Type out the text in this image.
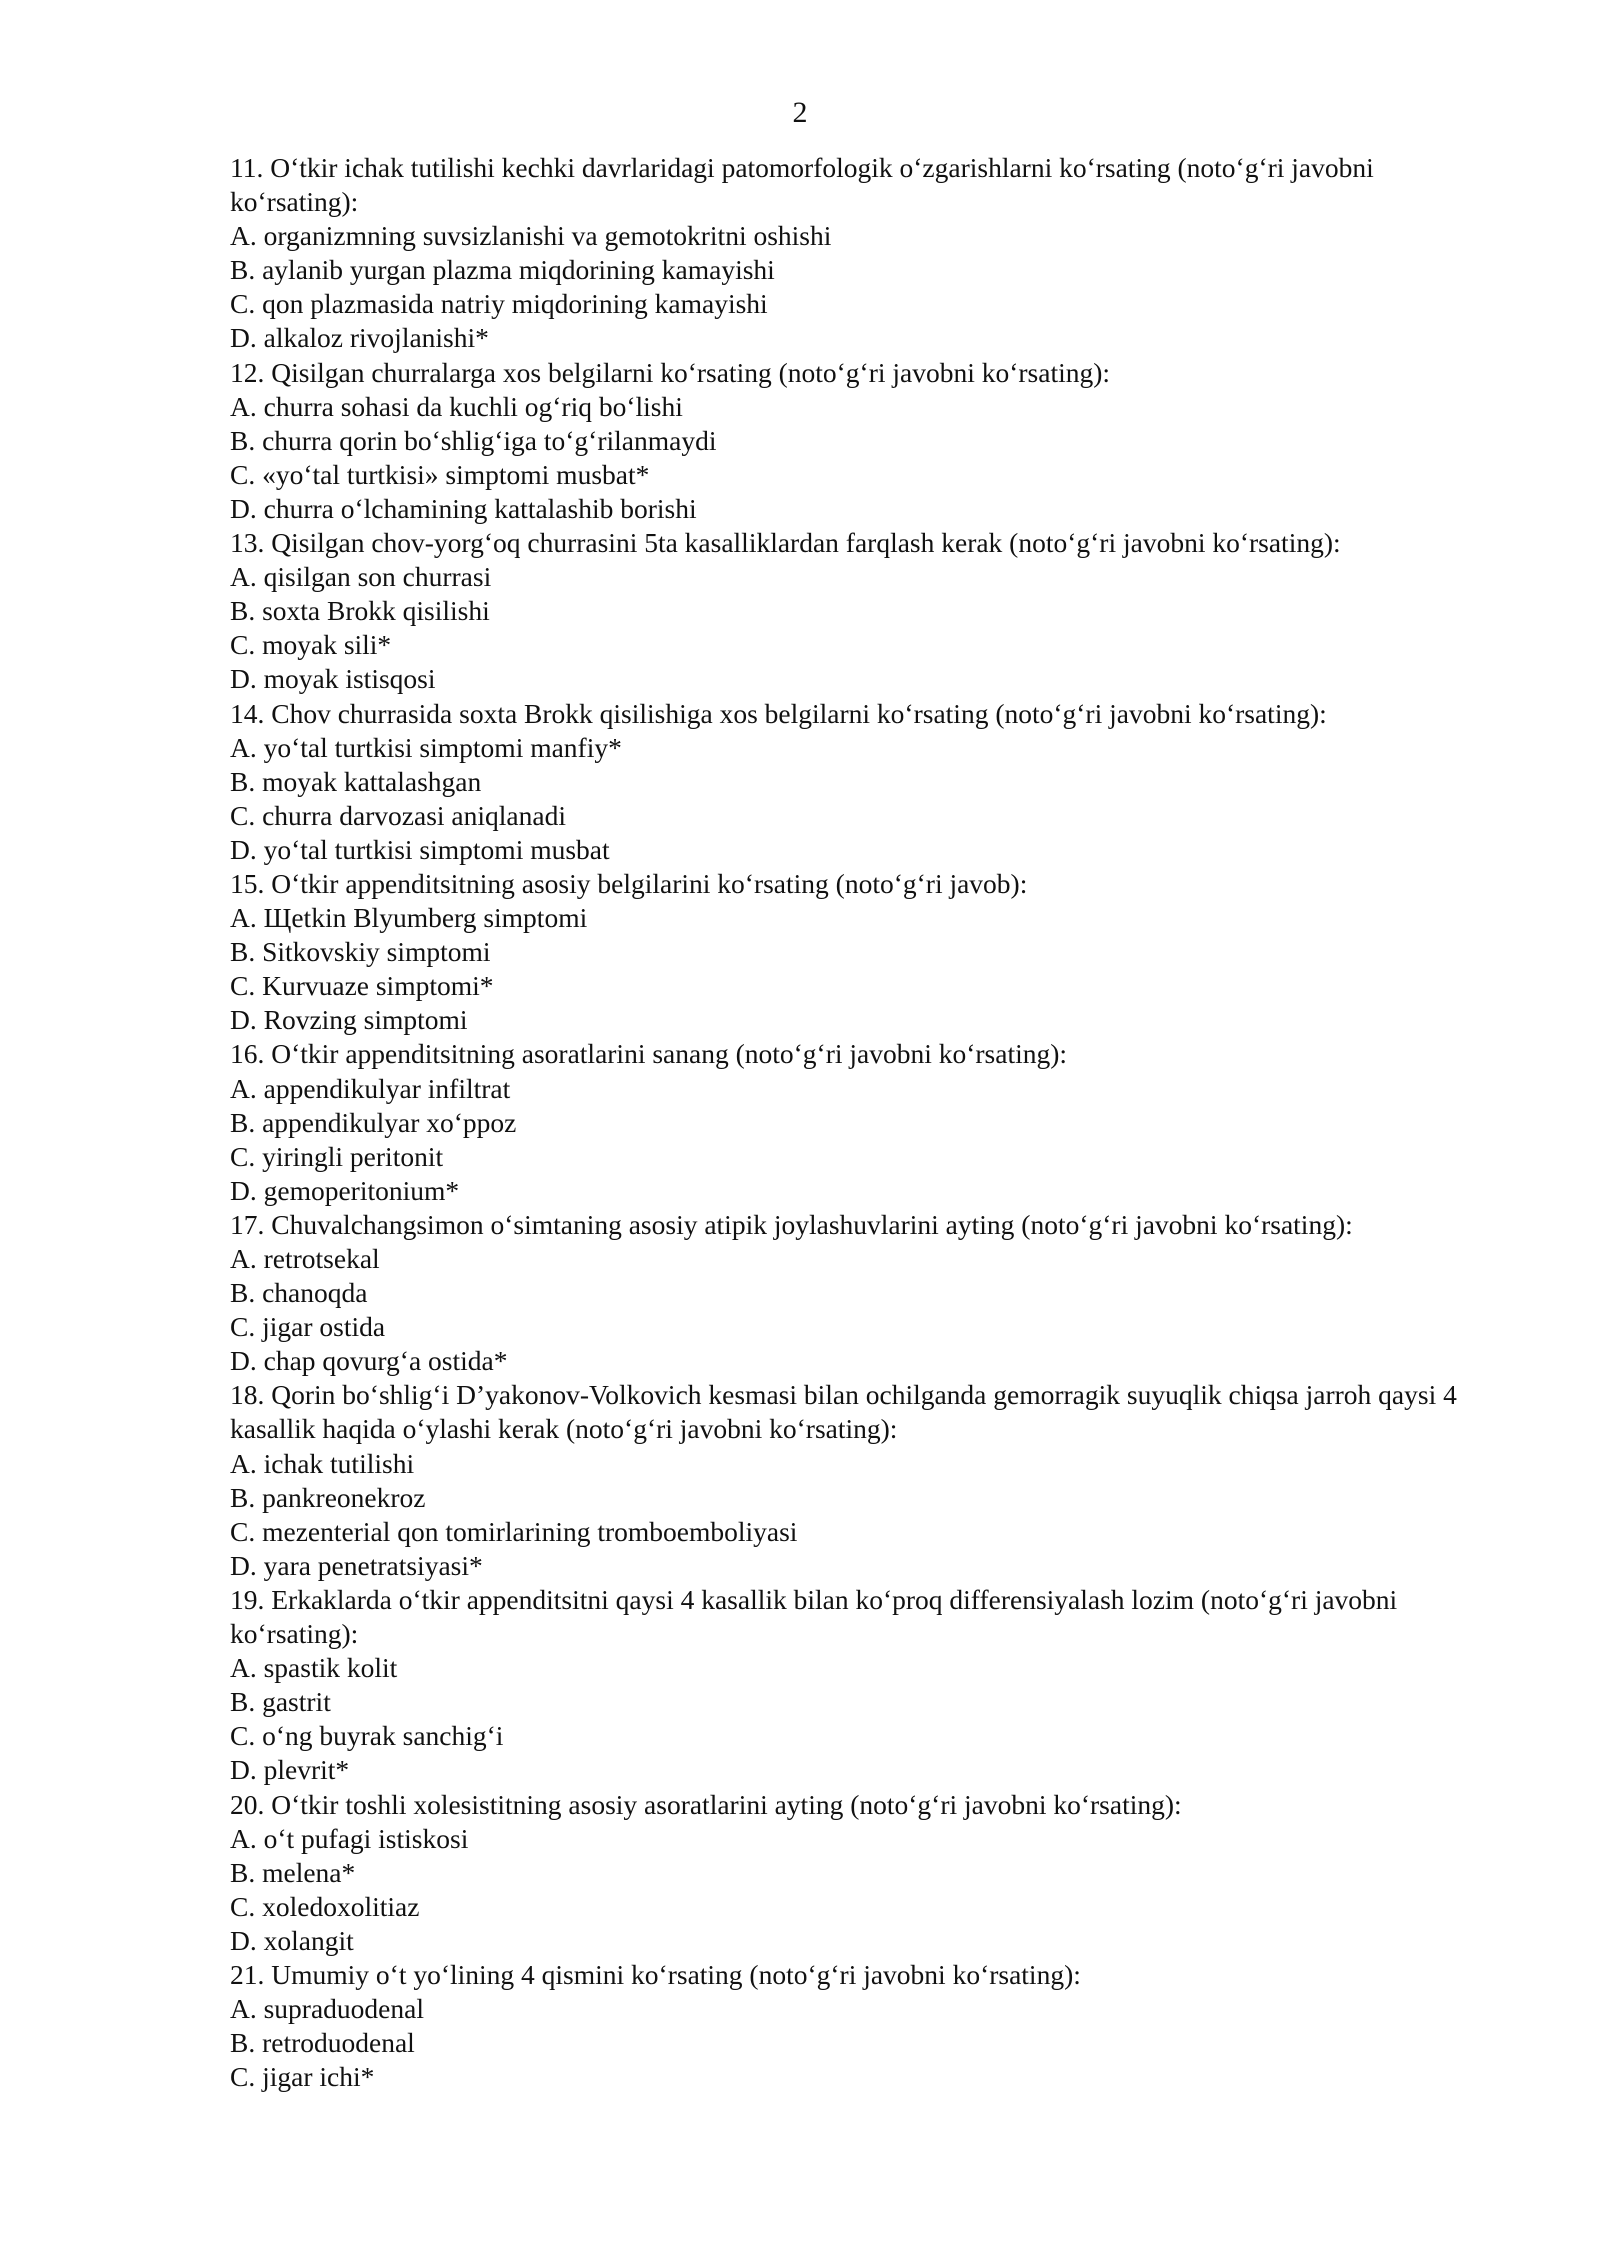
2

11. O‘tkir ichak tutilishi kechki davrlaridagi patomorfologik o‘zgarishlarni ko‘rsating (noto‘g‘ri javobni ko‘rsating):

A. organizmning suvsizlanishi va gemotokritni oshishi

B. aylanib yurgan plazma miqdorining kamayishi

C. qon plazmasida natriy miqdorining kamayishi

D. alkaloz rivojlanishi*

12. Qisilgan churralarga xos belgilarni ko‘rsating (noto‘g‘ri javobni ko‘rsating):

A. churra sohasi da kuchli og‘riq bo‘lishi

B. churra qorin bo‘shlig‘iga to‘g‘rilanmaydi

C. «yo‘tal turtkisi» simptomi musbat*

D. churra o‘lchamining kattalashib borishi

13. Qisilgan chov-yorg‘oq churrasini 5ta kasalliklardan farqlash kerak (noto‘g‘ri javobni ko‘rsating):

A. qisilgan son churrasi

B. soxta Brokk qisilishi

C. moyak sili*

D. moyak istisqosi

14. Chov churrasida soxta Brokk qisilishiga xos belgilarni ko‘rsating (noto‘g‘ri javobni ko‘rsating):

A. yo‘tal turtkisi simptomi manfiy*

B. moyak kattalashgan

C. churra darvozasi aniqlanadi

D. yo‘tal turtkisi simptomi musbat

15. O‘tkir appenditsitning asosiy belgilarini ko‘rsating (noto‘g‘ri javob):

A. Щetkin Blyumberg simptomi

B. Sitkovskiy simptomi

C. Kurvuaze simptomi*

D. Rovzing simptomi

16. O‘tkir appenditsitning asoratlarini sanang (noto‘g‘ri javobni ko‘rsating):

A. appendikulyar infiltrat

B. appendikulyar xo‘ppoz

C. yiringli peritonit

D. gemoperitonium*

17. Chuvalchangsimon o‘simtaning asosiy atipik joylashuvlarini ayting (noto‘g‘ri javobni ko‘rsating):

A. retrotsekal

B. chanoqda

C. jigar ostida

D. chap qovurg‘a ostida*

18. Qorin bo‘shlig‘i D’yakonov-Volkovich kesmasi bilan ochilganda gemorragik suyuqlik chiqsa jarroh qaysi 4 kasallik haqida o‘ylashi kerak (noto‘g‘ri javobni ko‘rsating):

A. ichak tutilishi

B. pankreonekroz

C. mezenterial qon tomirlarining tromboemboliyasi

D. yara penetratsiyasi*

19. Erkaklarda o‘tkir appenditsitni qaysi 4 kasallik bilan ko‘proq differensiyalash lozim (noto‘g‘ri javobni ko‘rsating):

A. spastik kolit

B. gastrit

C. o‘ng buyrak sanchig‘i

D. plevrit*

20. O‘tkir toshli xolesistitning asosiy asoratlarini ayting (noto‘g‘ri javobni ko‘rsating):

A. o‘t pufagi istiskosi

B. melena*

C. xoledoxolitiaz

D. xolangit

21. Umumiy o‘t yo‘lining 4 qismini ko‘rsating (noto‘g‘ri javobni ko‘rsating):

A. supraduodenal

B. retroduodenal

C. jigar ichi*
